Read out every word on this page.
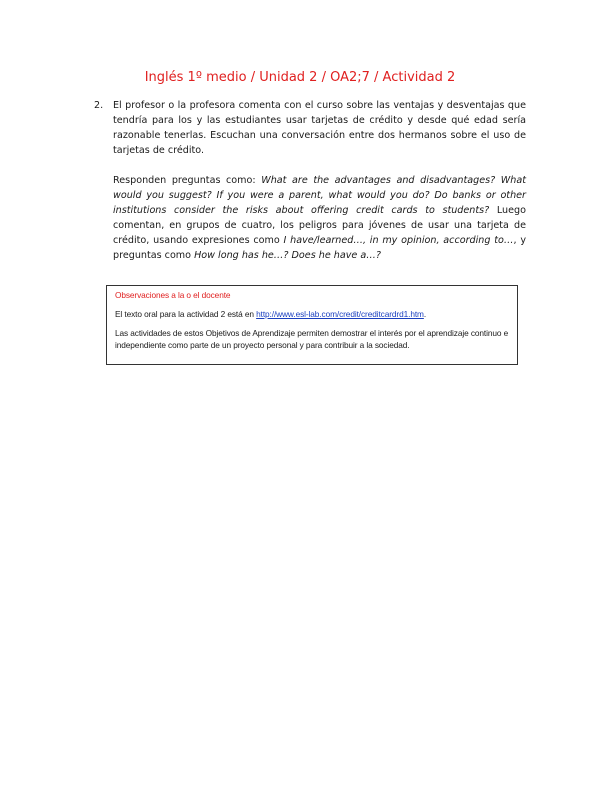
Inglés 1º medio / Unidad 2 / OA2;7 / Actividad 2
2. El profesor o la profesora comenta con el curso sobre las ventajas y desventajas que tendría para los y las estudiantes usar tarjetas de crédito y desde qué edad sería razonable tenerlas. Escuchan una conversación entre dos hermanos sobre el uso de tarjetas de crédito.

Responden preguntas como: What are the advantages and disadvantages? What would you suggest? If you were a parent, what would you do? Do banks or other institutions consider the risks about offering credit cards to students? Luego comentan, en grupos de cuatro, los peligros para jóvenes de usar una tarjeta de crédito, usando expresiones como I have/learned…, in my opinion, according to…, y preguntas como How long has he…? Does he have a…?

Observaciones a la o el docente

El texto oral para la actividad 2 está en http://www.esl-lab.com/credit/creditcardrd1.htm.

Las actividades de estos Objetivos de Aprendizaje permiten demostrar el interés por el aprendizaje continuo e independiente como parte de un proyecto personal y para contribuir a la sociedad.
